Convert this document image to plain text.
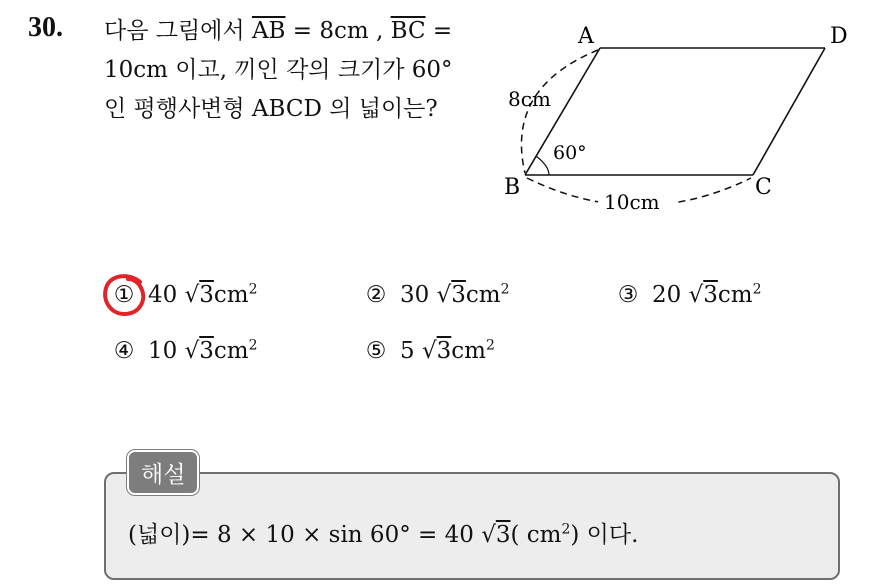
30. 다음 그림에서 $\overline{AB} = 8cm$ , $\overline{BC} = 10cm$ 이고, 끼인 각의 크기가 60° 인 평행사변형 ABCD 의 넓이는?
A	D
B	C
8cm
10cm
60°
① 40 $√3cm^2$	② 30 $√3cm^2$	③ 20 $√3cm^2$
④ 10 $√3cm^2$	⑤ 5 $√3cm^2$
(넓이)= 8 × 10 × sin 60° = 40 √3( $cm^2$) 이다.
해설
